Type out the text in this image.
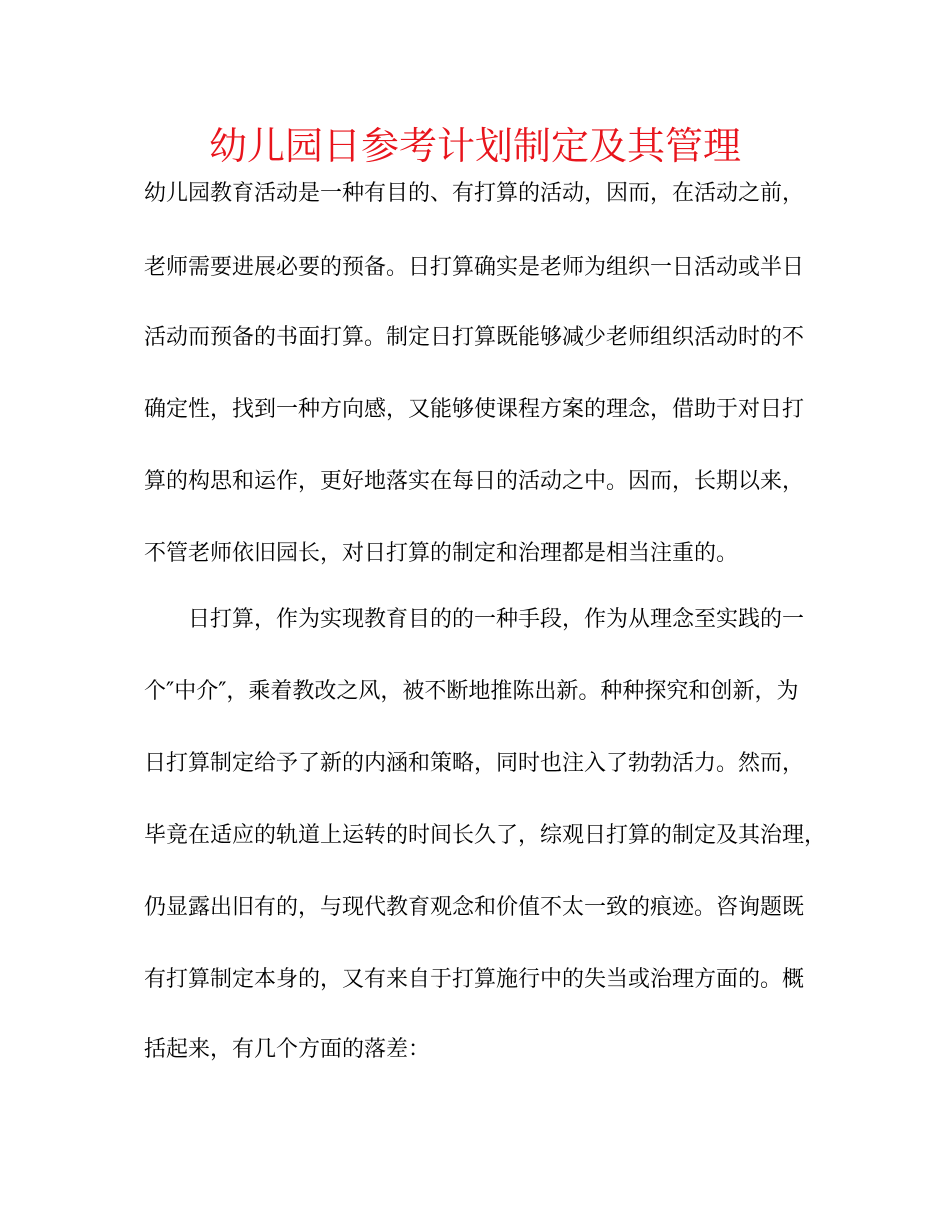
幼儿园日参考计划制定及其管理

幼儿园教育活动是一种有目的、有打算的活动，因而，在活动之前，

老师需要进展必要的预备。日打算确实是老师为组织一日活动或半日

活动而预备的书面打算。制定日打算既能够减少老师组织活动时的不

确定性，找到一种方向感，又能够使课程方案的理念，借助于对日打

算的构思和运作，更好地落实在每日的活动之中。因而，长期以来，

不管老师依旧园长，对日打算的制定和治理都是相当注重的。

日打算，作为实现教育目的的一种手段，作为从理念至实践的一

个″中介″，乘着教改之风，被不断地推陈出新。种种探究和创新，为

日打算制定给予了新的内涵和策略，同时也注入了勃勃活力。然而，

毕竟在适应的轨道上运转的时间长久了，综观日打算的制定及其治理，

仍显露出旧有的，与现代教育观念和价值不太一致的痕迹。咨询题既

有打算制定本身的，又有来自于打算施行中的失当或治理方面的。概

括起来，有几个方面的落差：
